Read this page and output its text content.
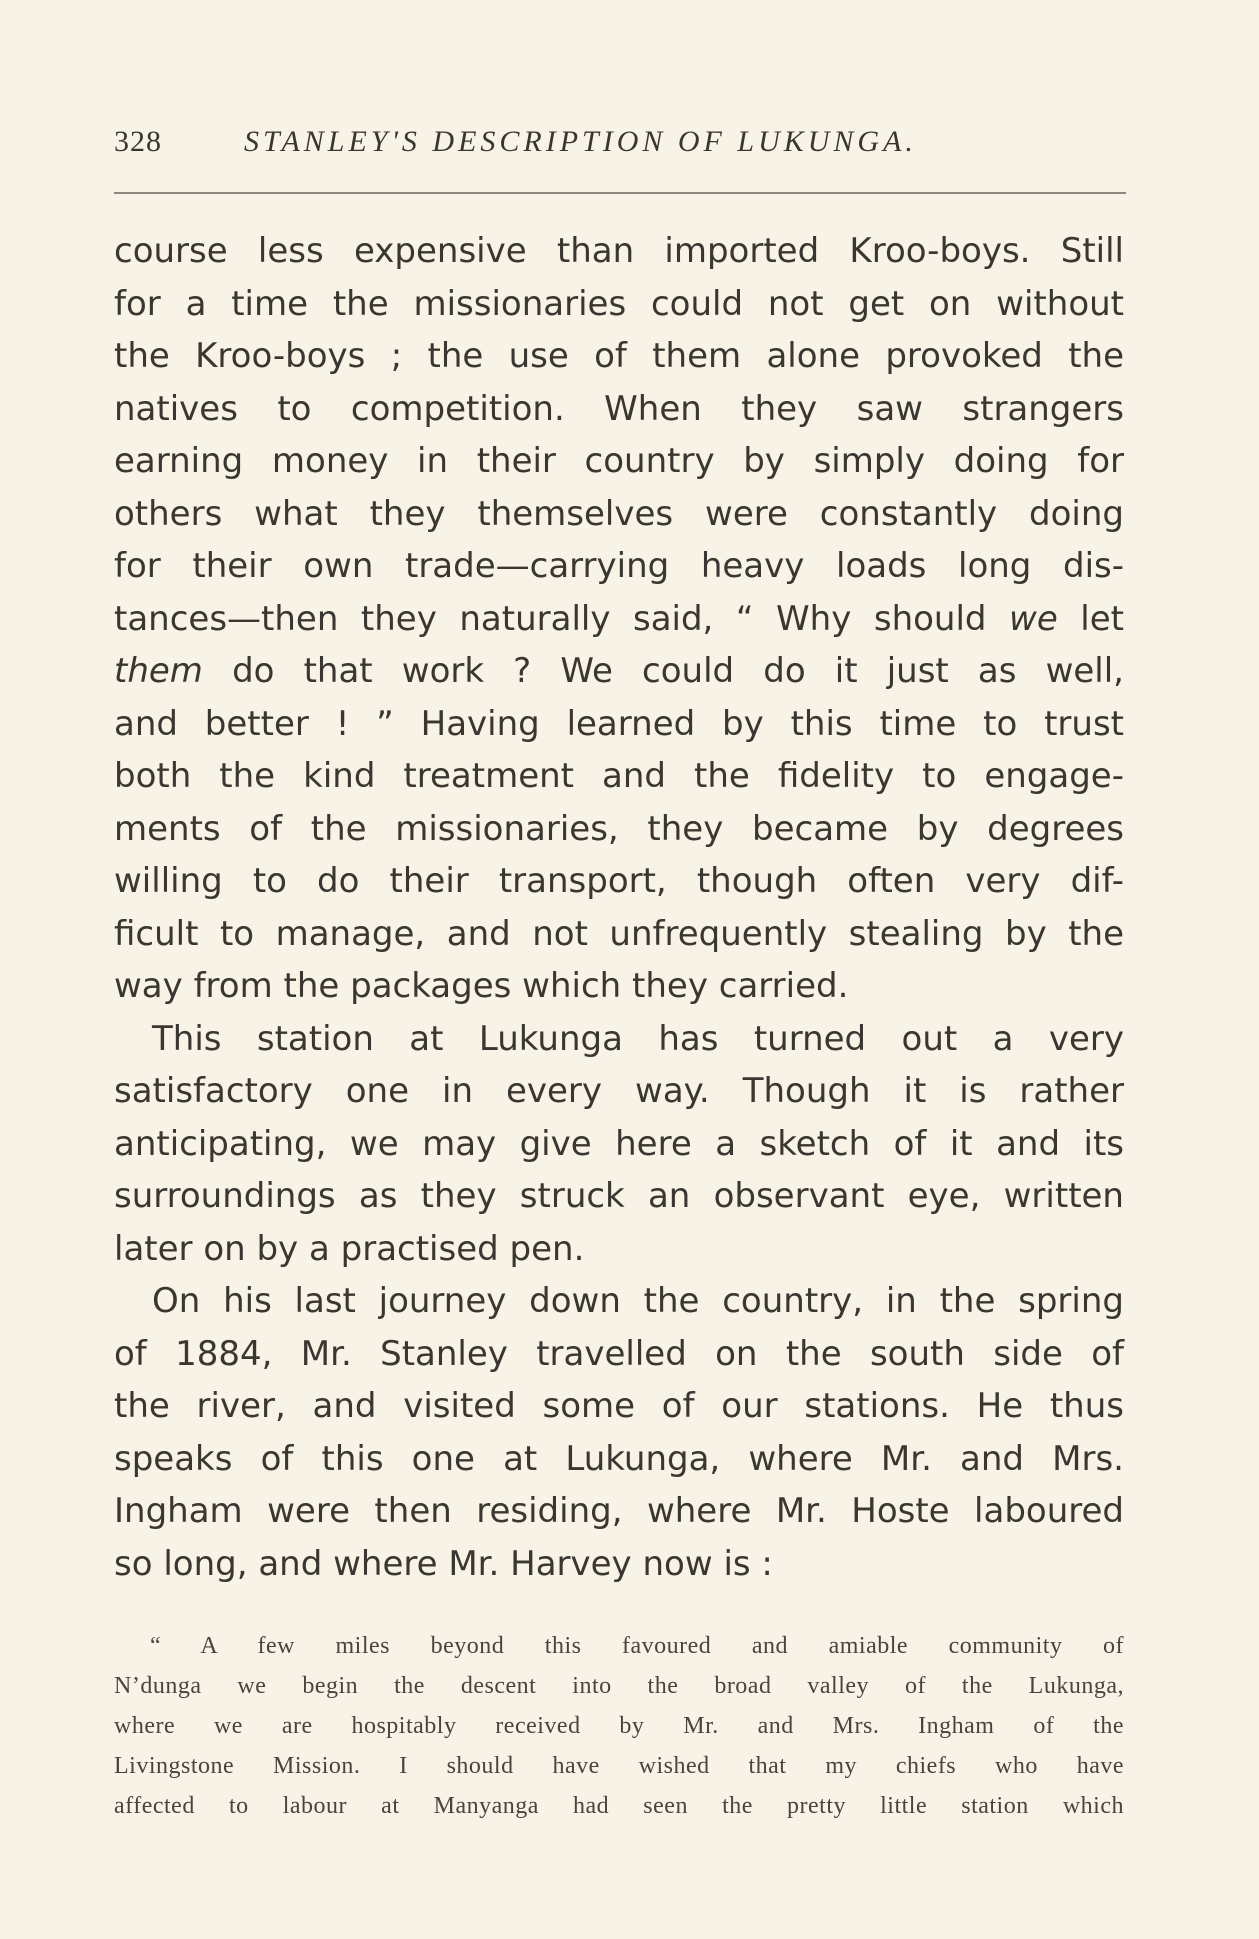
328	STANLEY'S DESCRIPTION OF LUKUNGA.

course less expensive than imported Kroo-boys. Still
for a time the missionaries could not get on without
the Kroo-boys ; the use of them alone provoked the
natives to competition. When they saw strangers
earning money in their country by simply doing for
others what they themselves were constantly doing
for their own trade—carrying heavy loads long dis-
tances—then they naturally said, “ Why should we let
them do that work ? We could do it just as well,
and better ! ” Having learned by this time to trust
both the kind treatment and the fidelity to engage-
ments of the missionaries, they became by degrees
willing to do their transport, though often very dif-
ficult to manage, and not unfrequently stealing by the
way from the packages which they carried.

This station at Lukunga has turned out a very
satisfactory one in every way. Though it is rather
anticipating, we may give here a sketch of it and its
surroundings as they struck an observant eye, written
later on by a practised pen.

On his last journey down the country, in the spring
of 1884, Mr. Stanley travelled on the south side of
the river, and visited some of our stations. He thus
speaks of this one at Lukunga, where Mr. and Mrs.
Ingham were then residing, where Mr. Hoste laboured
so long, and where Mr. Harvey now is :

“ A few miles beyond this favoured and amiable community of
N’dunga we begin the descent into the broad valley of the Lukunga,
where we are hospitably received by Mr. and Mrs. Ingham of the
Livingstone Mission. I should have wished that my chiefs who have
affected to labour at Manyanga had seen the pretty little station which
